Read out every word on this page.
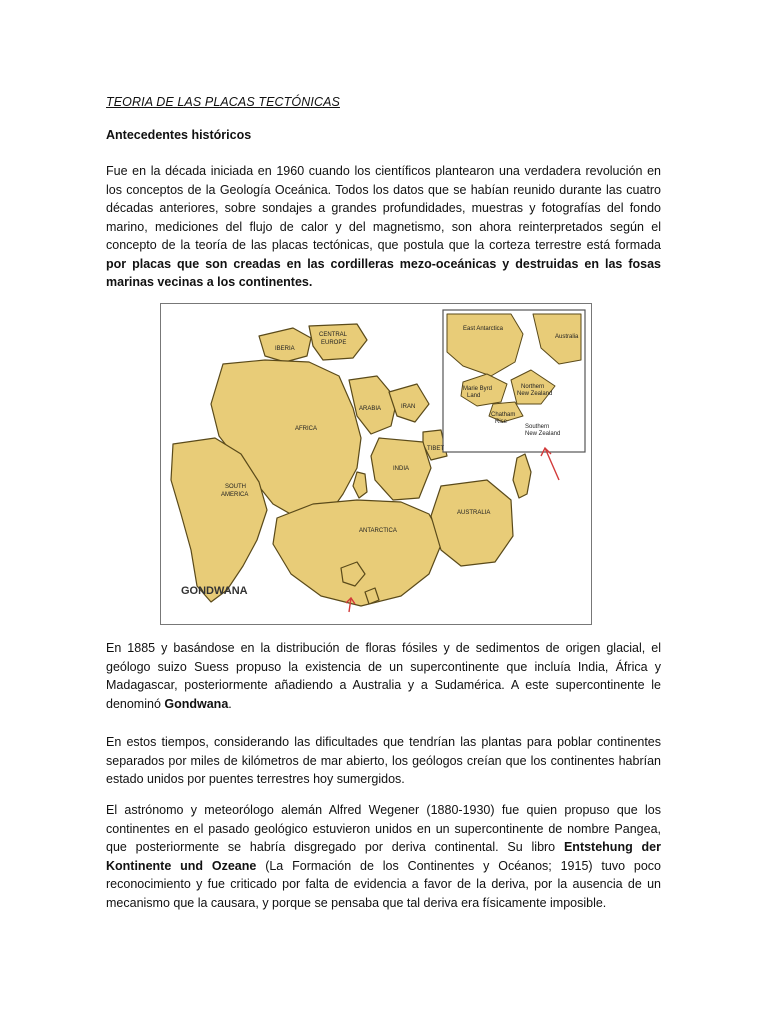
TEORIA DE LAS PLACAS TECTÓNICAS
Antecedentes históricos
Fue en la década iniciada en 1960 cuando los científicos plantearon una verdadera revolución en los conceptos de la Geología Oceánica. Todos los datos que se habían reunido durante las cuatro décadas anteriores, sobre sondajes a grandes profundidades, muestras y fotografías del fondo marino, mediciones del flujo de calor y del magnetismo, son ahora reinterpretados según el concepto de la teoría de las placas tectónicas, que postula que la corteza terrestre está formada por placas que son creadas en las cordilleras mezo-oceánicas y destruidas en las fosas marinas vecinas a los continentes.
East Antarctica
Australia
Marie Byrd
Land
Northern
New Zealand
Chatham
Rise
Southern
New Zealand
CENTRAL
EUROPE
IBERIA
AFRICA
ARABIA	IRAN
TIBET
INDIA
SOUTH
AMERICA
ANTARCTICA
AUSTRALIA
GONDWANA
En 1885 y basándose en la distribución de floras fósiles y de sedimentos de origen glacial, el geólogo suizo Suess propuso la existencia de un supercontinente que incluía India, África y Madagascar, posteriormente añadiendo a Australia y a Sudamérica. A este supercontinente le denominó Gondwana.
En estos tiempos, considerando las dificultades que tendrían las plantas para poblar continentes separados por miles de kilómetros de mar abierto, los geólogos creían que los continentes habrían estado unidos por puentes terrestres hoy sumergidos.
El astrónomo y meteorólogo alemán Alfred Wegener (1880-1930) fue quien propuso que los continentes en el pasado geológico estuvieron unidos en un supercontinente de nombre Pangea, que posteriormente se habría disgregado por deriva continental. Su libro Entstehung der Kontinente und Ozeane (La Formación de los Continentes y Océanos; 1915) tuvo poco reconocimiento y fue criticado por falta de evidencia a favor de la deriva, por la ausencia de un mecanismo que la causara, y porque se pensaba que tal deriva era físicamente imposible.
